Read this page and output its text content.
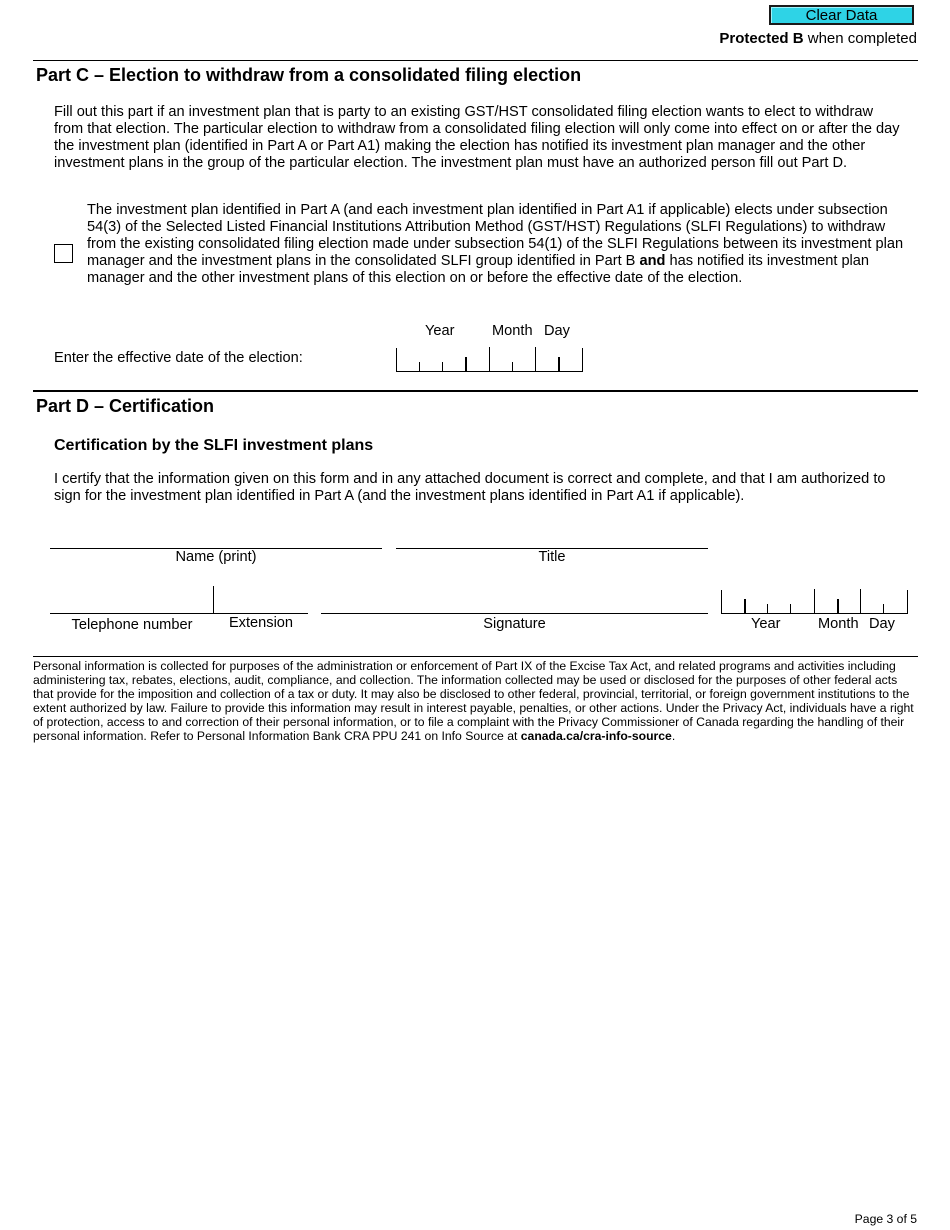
Clear Data
Protected B when completed
Part C – Election to withdraw from a consolidated filing election
Fill out this part if an investment plan that is party to an existing GST/HST consolidated filing election wants to elect to withdraw from that election. The particular election to withdraw from a consolidated filing election will only come into effect on or after the day the investment plan (identified in Part A or Part A1) making the election has notified its investment plan manager and the other investment plans in the group of the particular election. The investment plan must have an authorized person fill out Part D.
The investment plan identified in Part A (and each investment plan identified in Part A1 if applicable) elects under subsection 54(3) of the Selected Listed Financial Institutions Attribution Method (GST/HST) Regulations (SLFI Regulations) to withdraw from the existing consolidated filing election made under subsection 54(1) of the SLFI Regulations between its investment plan manager and the investment plans in the consolidated SLFI group identified in Part B and has notified its investment plan manager and the other investment plans of this election on or before the effective date of the election.
Year	Month Day
Enter the effective date of the election:
Part D – Certification
Certification by the SLFI investment plans
I certify that the information given on this form and in any attached document is correct and complete, and that I am authorized to sign for the investment plan identified in Part A (and the investment plans identified in Part A1 if applicable).
Name (print)	Title
Telephone number	Extension	Signature	Year	Month Day
Personal information is collected for purposes of the administration or enforcement of Part IX of the Excise Tax Act, and related programs and activities including administering tax, rebates, elections, audit, compliance, and collection. The information collected may be used or disclosed for the purposes of other federal acts that provide for the imposition and collection of a tax or duty. It may also be disclosed to other federal, provincial, territorial, or foreign government institutions to the extent authorized by law. Failure to provide this information may result in interest payable, penalties, or other actions. Under the Privacy Act, individuals have a right of protection, access to and correction of their personal information, or to file a complaint with the Privacy Commissioner of Canada regarding the handling of their personal information. Refer to Personal Information Bank CRA PPU 241 on Info Source at canada.ca/cra-info-source.
Page 3 of 5
